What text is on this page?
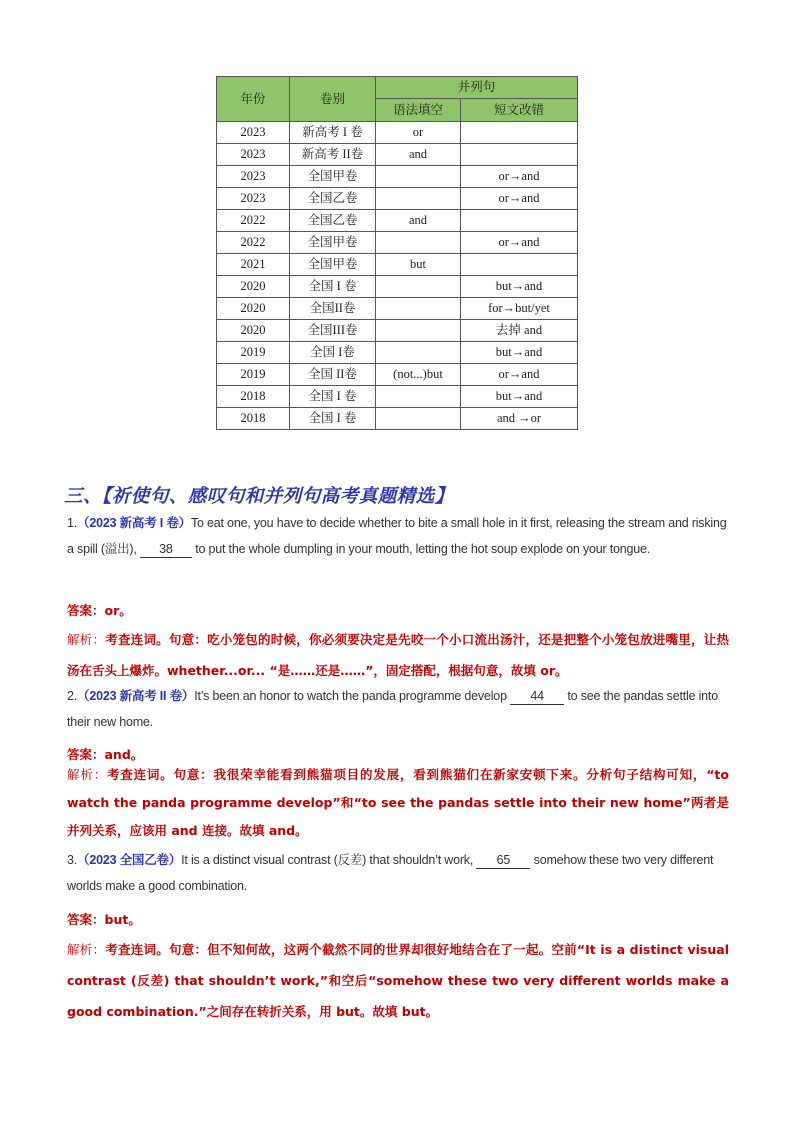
年份	卷别	并列句	
		语法填空	短文改错
2023	新高考 I 卷	or	
2023	新高考 II卷	and	
2023	全国甲卷		or→and
2023	全国乙卷		or→and
2022	全国乙卷	and	
2022	全国甲卷		or→and
2021	全国甲卷	but	
2020	全国 I 卷		but→and
2020	全国II卷		for→but/yet
2020	全国III卷		去掉 and
2019	全国 I卷		but→and
2019	全国 II卷	(not...)but	or→and
2018	全国 I 卷		but→and
2018	全国 I 卷		and →or
三、【祈使句、感叹句和并列句高考真题精选】
1.（2023 新高考 I 卷）To eat one, you have to decide whether to bite a small hole in it first, releasing the stream and risking a spill (溢出), 38 to put the whole dumpling in your mouth, letting the hot soup explode on your tongue.
答案：or。
解析：考查连词。句意：吃小笼包的时候，你必须要决定是先咬一个小口流出汤汁，还是把整个小笼包放进嘴里，让热汤在舌头上爆炸。whether...or... “是……还是……”，固定搭配，根据句意，故填 or。
2.（2023 新高考 II 卷）It’s been an honor to watch the panda programme develop 44 to see the pandas settle into their new home.
答案：and。
解析：考查连词。句意：我很荣幸能看到熊猫项目的发展，看到熊猫们在新家安顿下来。分析句子结构可知，“to watch the panda programme develop”和“to see the pandas settle into their new home”两者是并列关系，应该用 and 连接。故填 and。
3.（2023 全国乙卷）It is a distinct visual contrast (反差) that shouldn’t work, 65 somehow these two very different worlds make a good combination.
答案：but。
解析：考查连词。句意：但不知何故，这两个截然不同的世界却很好地结合在了一起。空前“It is a distinct visual contrast (反差) that shouldn’t work,”和空后“somehow these two very different worlds make a good combination.”之间存在转折关系，用 but。故填 but。
